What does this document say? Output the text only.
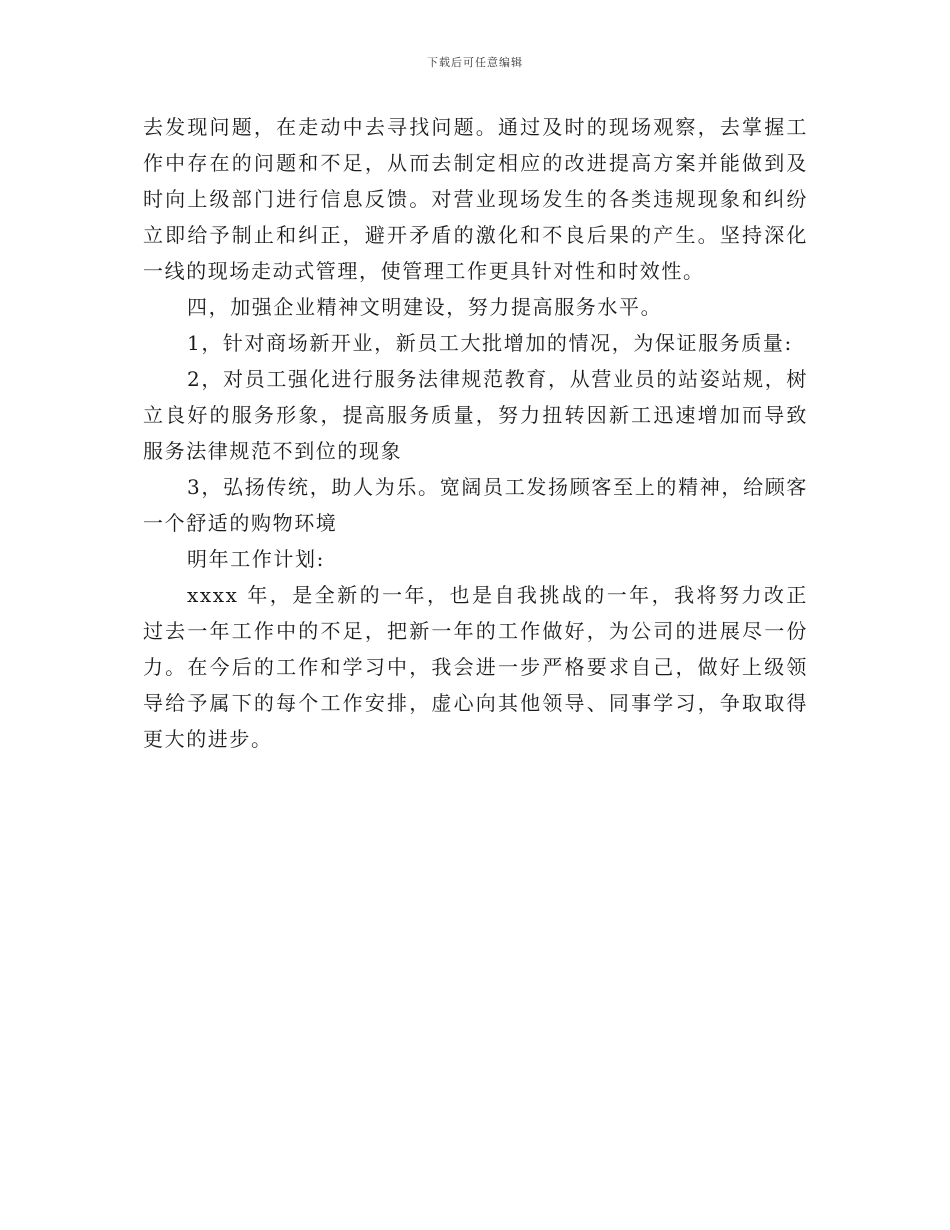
下载后可任意编辑

去发现问题，在走动中去寻找问题。通过及时的现场观察，去掌握工作中存在的问题和不足，从而去制定相应的改进提高方案并能做到及时向上级部门进行信息反馈。对营业现场发生的各类违规现象和纠纷立即给予制止和纠正，避开矛盾的激化和不良后果的产生。坚持深化一线的现场走动式管理，使管理工作更具针对性和时效性。

四，加强企业精神文明建设，努力提高服务水平。

1，针对商场新开业，新员工大批增加的情况，为保证服务质量:

2，对员工强化进行服务法律规范教育，从营业员的站姿站规，树立良好的服务形象，提高服务质量，努力扭转因新工迅速增加而导致服务法律规范不到位的现象

3，弘扬传统，助人为乐。宽阔员工发扬顾客至上的精神，给顾客一个舒适的购物环境

明年工作计划:

xxxx 年，是全新的一年，也是自我挑战的一年，我将努力改正过去一年工作中的不足，把新一年的工作做好，为公司的进展尽一份力。在今后的工作和学习中，我会进一步严格要求自己，做好上级领导给予属下的每个工作安排，虚心向其他领导、同事学习，争取取得更大的进步。
